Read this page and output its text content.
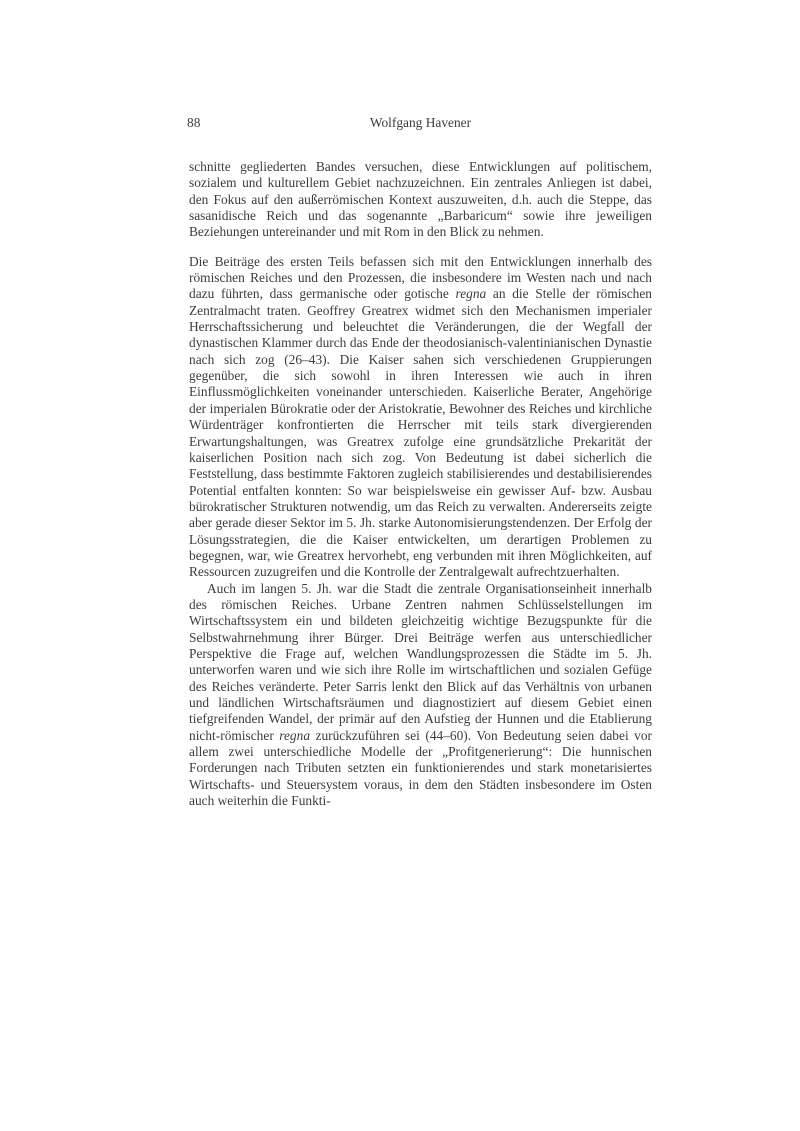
88	Wolfgang Havener

schnitte gegliederten Bandes versuchen, diese Entwicklungen auf politischem, sozialem und kulturellem Gebiet nachzuzeichnen. Ein zentrales Anliegen ist dabei, den Fokus auf den außerrömischen Kontext auszuweiten, d.h. auch die Steppe, das sasanidische Reich und das sogenannte „Barbaricum“ sowie ihre jeweiligen Beziehungen untereinander und mit Rom in den Blick zu nehmen.

Die Beiträge des ersten Teils befassen sich mit den Entwicklungen innerhalb des römischen Reiches und den Prozessen, die insbesondere im Westen nach und nach dazu führten, dass germanische oder gotische regna an die Stelle der römischen Zentralmacht traten. Geoffrey Greatrex widmet sich den Mechanismen imperialer Herrschaftssicherung und beleuchtet die Veränderungen, die der Wegfall der dynastischen Klammer durch das Ende der theodosianisch-valentinianischen Dynastie nach sich zog (26–43). Die Kaiser sahen sich verschiedenen Gruppierungen gegenüber, die sich sowohl in ihren Interessen wie auch in ihren Einflussmöglichkeiten voneinander unterschieden. Kaiserliche Berater, Angehörige der imperialen Bürokratie oder der Aristokratie, Bewohner des Reiches und kirchliche Würdenträger konfrontierten die Herrscher mit teils stark divergierenden Erwartungshaltungen, was Greatrex zufolge eine grundsätzliche Prekarität der kaiserlichen Position nach sich zog. Von Bedeutung ist dabei sicherlich die Feststellung, dass bestimmte Faktoren zugleich stabilisierendes und destabilisierendes Potential entfalten konnten: So war beispielsweise ein gewisser Auf- bzw. Ausbau bürokratischer Strukturen notwendig, um das Reich zu verwalten. Andererseits zeigte aber gerade dieser Sektor im 5. Jh. starke Autonomisierungstendenzen. Der Erfolg der Lösungsstrategien, die die Kaiser entwickelten, um derartigen Problemen zu begegnen, war, wie Greatrex hervorhebt, eng verbunden mit ihren Möglichkeiten, auf Ressourcen zuzugreifen und die Kontrolle der Zentralgewalt aufrechtzuerhalten.

Auch im langen 5. Jh. war die Stadt die zentrale Organisationseinheit innerhalb des römischen Reiches. Urbane Zentren nahmen Schlüsselstellungen im Wirtschaftssystem ein und bildeten gleichzeitig wichtige Bezugspunkte für die Selbstwahrnehmung ihrer Bürger. Drei Beiträge werfen aus unterschiedlicher Perspektive die Frage auf, welchen Wandlungsprozessen die Städte im 5. Jh. unterworfen waren und wie sich ihre Rolle im wirtschaftlichen und sozialen Gefüge des Reiches veränderte. Peter Sarris lenkt den Blick auf das Verhältnis von urbanen und ländlichen Wirtschaftsräumen und diagnostiziert auf diesem Gebiet einen tiefgreifenden Wandel, der primär auf den Aufstieg der Hunnen und die Etablierung nicht-römischer regna zurückzuführen sei (44–60). Von Bedeutung seien dabei vor allem zwei unterschiedliche Modelle der „Profitgenerierung“: Die hunnischen Forderungen nach Tributen setzten ein funktionierendes und stark monetarisiertes Wirtschafts- und Steuersystem voraus, in dem den Städten insbesondere im Osten auch weiterhin die Funkti-
